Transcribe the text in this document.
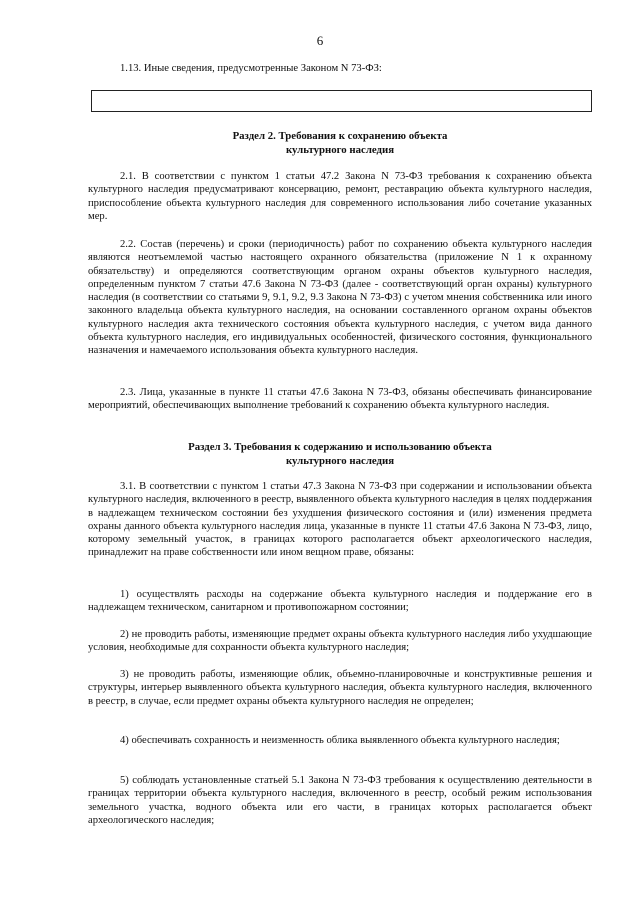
6

1.13. Иные сведения, предусмотренные Законом N 73-ФЗ:

Раздел 2. Требования к сохранению объекта
культурного наследия

2.1. В соответствии с пунктом 1 статьи 47.2 Закона N 73-ФЗ требования к сохранению объекта культурного наследия предусматривают консервацию, ремонт, реставрацию объекта культурного наследия, приспособление объекта культурного наследия для современного использования либо сочетание указанных мер.

2.2. Состав (перечень) и сроки (периодичность) работ по сохранению объекта культурного наследия являются неотъемлемой частью настоящего охранного обязательства (приложение N 1 к охранному обязательству) и определяются соответствующим органом охраны объектов культурного наследия, определенным пунктом 7 статьи 47.6 Закона N 73-ФЗ (далее - соответствующий орган охраны) культурного наследия (в соответствии со статьями 9, 9.1, 9.2, 9.3 Закона N 73-ФЗ) с учетом мнения собственника или иного законного владельца объекта культурного наследия, на основании составленного органом охраны объектов культурного наследия акта технического состояния объекта культурного наследия, с учетом вида данного объекта культурного наследия, его индивидуальных особенностей, физического состояния, функционального назначения и намечаемого использования объекта культурного наследия.

2.3. Лица, указанные в пункте 11 статьи 47.6 Закона N 73-ФЗ, обязаны обеспечивать финансирование мероприятий, обеспечивающих выполнение требований к сохранению объекта культурного наследия.

Раздел 3. Требования к содержанию и использованию объекта
культурного наследия

3.1. В соответствии с пунктом 1 статьи 47.3 Закона N 73-ФЗ при содержании и использовании объекта культурного наследия, включенного в реестр, выявленного объекта культурного наследия в целях поддержания в надлежащем техническом состоянии без ухудшения физического состояния и (или) изменения предмета охраны данного объекта культурного наследия лица, указанные в пункте 11 статьи 47.6 Закона N 73-ФЗ, лицо, которому земельный участок, в границах которого располагается объект археологического наследия, принадлежит на праве собственности или ином вещном праве, обязаны:

1) осуществлять расходы на содержание объекта культурного наследия и поддержание его в надлежащем техническом, санитарном и противопожарном состоянии;

2) не проводить работы, изменяющие предмет охраны объекта культурного наследия либо ухудшающие условия, необходимые для сохранности объекта культурного наследия;

3) не проводить работы, изменяющие облик, объемно-планировочные и конструктивные решения и структуры, интерьер выявленного объекта культурного наследия, объекта культурного наследия, включенного в реестр, в случае, если предмет охраны объекта культурного наследия не определен;

4) обеспечивать сохранность и неизменность облика выявленного объекта культурного наследия;

5) соблюдать установленные статьей 5.1 Закона N 73-ФЗ требования к осуществлению деятельности в границах территории объекта культурного наследия, включенного в реестр, особый режим использования земельного участка, водного объекта или его части, в границах которых располагается объект археологического наследия;
